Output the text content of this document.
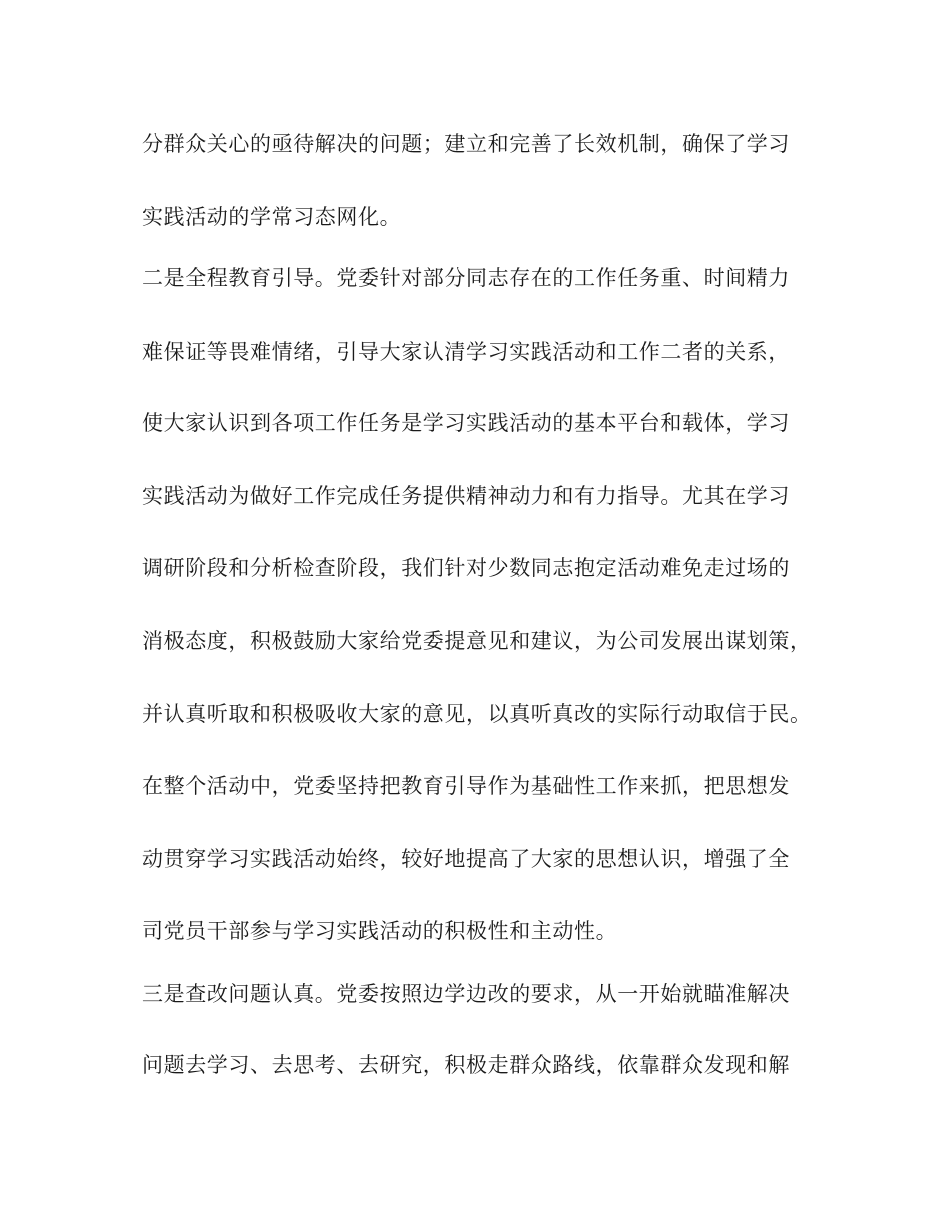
分群众关心的亟待解决的问题；建立和完善了长效机制，确保了学习
实践活动的学常习态网化。
二是全程教育引导。党委针对部分同志存在的工作任务重、时间精力
难保证等畏难情绪，引导大家认清学习实践活动和工作二者的关系，
使大家认识到各项工作任务是学习实践活动的基本平台和载体，学习
实践活动为做好工作完成任务提供精神动力和有力指导。尤其在学习
调研阶段和分析检查阶段，我们针对少数同志抱定活动难免走过场的
消极态度，积极鼓励大家给党委提意见和建议，为公司发展出谋划策，
并认真听取和积极吸收大家的意见，以真听真改的实际行动取信于民。
在整个活动中，党委坚持把教育引导作为基础性工作来抓，把思想发
动贯穿学习实践活动始终，较好地提高了大家的思想认识，增强了全
司党员干部参与学习实践活动的积极性和主动性。
三是查改问题认真。党委按照边学边改的要求，从一开始就瞄准解决
问题去学习、去思考、去研究，积极走群众路线，依靠群众发现和解
